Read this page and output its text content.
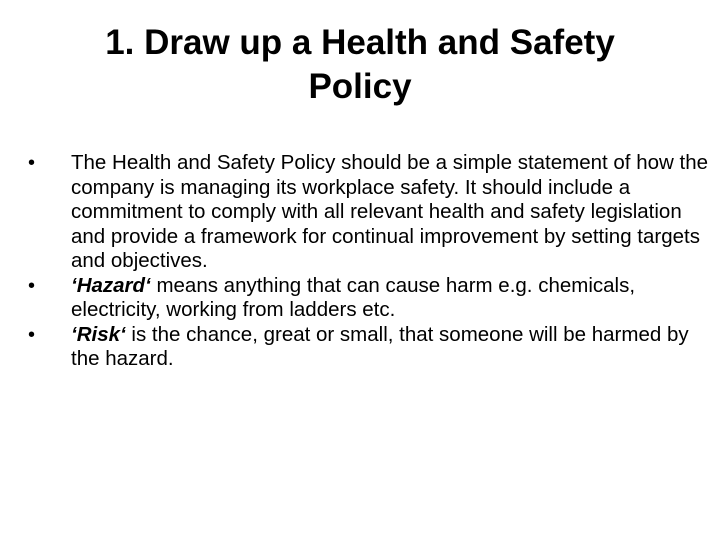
1. Draw up a Health and Safety
Policy
• The Health and Safety Policy should be a simple statement of how the company is managing its workplace safety. It should include a commitment to comply with all relevant health and safety legislation and provide a framework for continual improvement by setting targets and objectives.
• ‘Hazard‘ means anything that can cause harm e.g. chemicals, electricity, working from ladders etc.
• ‘Risk‘ is the chance, great or small, that someone will be harmed by the hazard.
